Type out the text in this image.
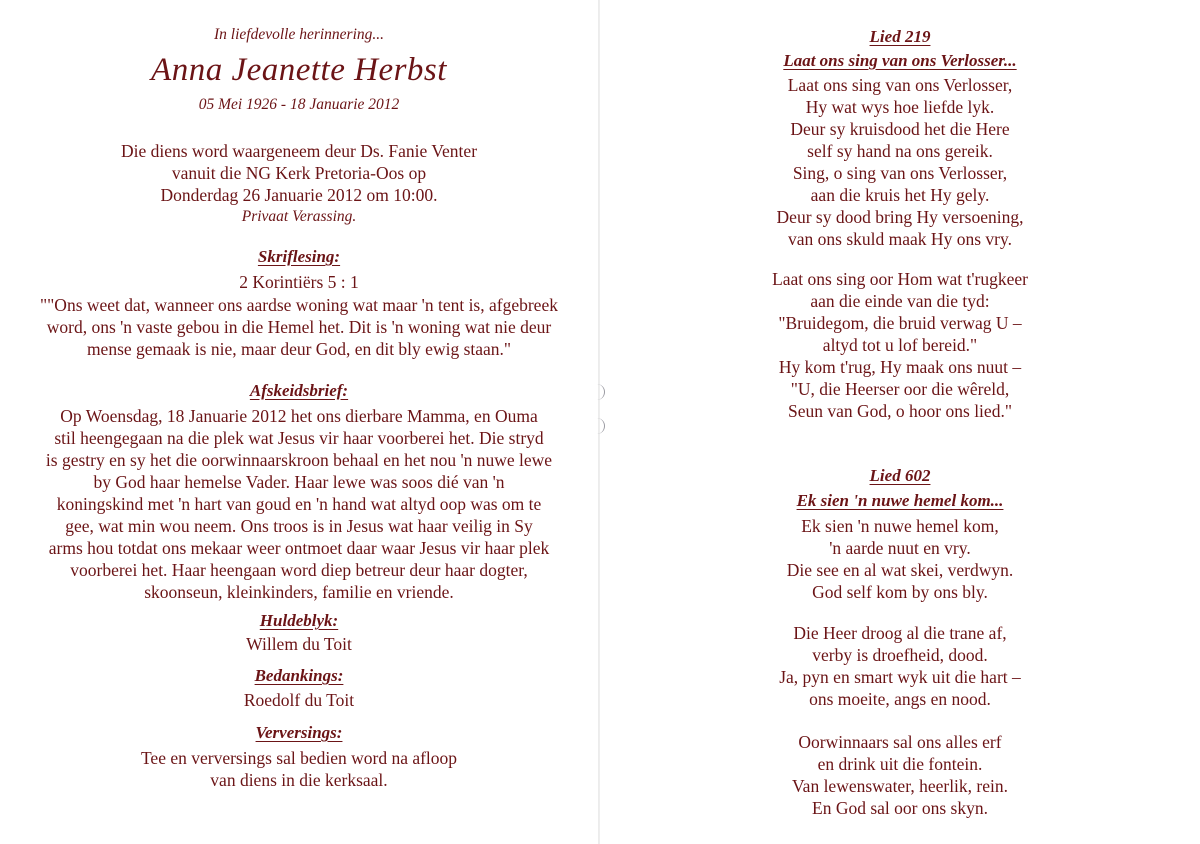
In liefdevolle herinnering...
Anna Jeanette Herbst
05 Mei 1926 - 18 Januarie 2012
Die diens word waargeneem deur Ds. Fanie Venter
vanuit die NG Kerk Pretoria-Oos op
Donderdag 26 Januarie 2012 om 10:00.
Privaat Verassing.
Skriflesing:
2 Korintiërs 5 : 1
""Ons weet dat, wanneer ons aardse woning wat maar 'n tent is, afgebreek
word, ons 'n vaste gebou in die Hemel het. Dit is 'n woning wat nie deur
mense gemaak is nie, maar deur God, en dit bly ewig staan."
Afskeidsbrief:
Op Woensdag, 18 Januarie 2012 het ons dierbare Mamma, en Ouma
stil heengegaan na die plek wat Jesus vir haar voorberei het. Die stryd
is gestry en sy het die oorwinnaarskroon behaal en het nou 'n nuwe lewe
by God haar hemelse Vader. Haar lewe was soos dié van 'n
koningskind met 'n hart van goud en 'n hand wat altyd oop was om te
gee, wat min wou neem. Ons troos is in Jesus wat haar veilig in Sy
arms hou totdat ons mekaar weer ontmoet daar waar Jesus vir haar plek
voorberei het. Haar heengaan word diep betreur deur haar dogter,
skoonseun, kleinkinders, familie en vriende.
Huldeblyk:
Willem du Toit
Bedankings:
Roedolf du Toit
Verversings:
Tee en verversings sal bedien word na afloop
van diens in die kerksaal.
Lied 219
Laat ons sing van ons Verlosser...
Laat ons sing van ons Verlosser,
Hy wat wys hoe liefde lyk.
Deur sy kruisdood het die Here
self sy hand na ons gereik.
Sing, o sing van ons Verlosser,
aan die kruis het Hy gely.
Deur sy dood bring Hy versoening,
van ons skuld maak Hy ons vry.
Laat ons sing oor Hom wat t'rugkeer
aan die einde van die tyd:
"Bruidegom, die bruid verwag U –
altyd tot u lof bereid."
Hy kom t'rug, Hy maak ons nuut –
"U, die Heerser oor die wêreld,
Seun van God, o hoor ons lied."
Lied 602
Ek sien 'n nuwe hemel kom...
Ek sien 'n nuwe hemel kom,
'n aarde nuut en vry.
Die see en al wat skei, verdwyn.
God self kom by ons bly.
Die Heer droog al die trane af,
verby is droefheid, dood.
Ja, pyn en smart wyk uit die hart –
ons moeite, angs en nood.
Oorwinnaars sal ons alles erf
en drink uit die fontein.
Van lewenswater, heerlik, rein.
En God sal oor ons skyn.
